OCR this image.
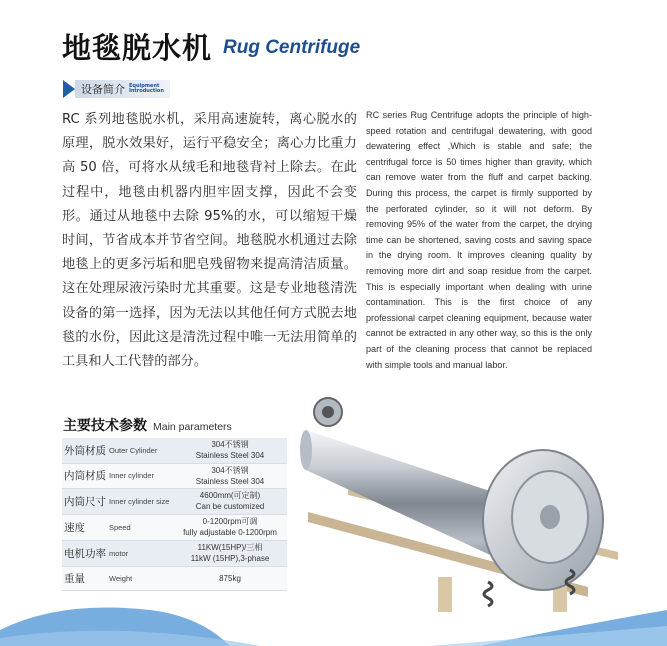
地毯脱水机 Rug Centrifuge
设备简介 Equipment
Introduction
RC 系列地毯脱水机，采用高速旋转，离心脱水的原理，脱水效果好，运行平稳安全；离心力比重力高 50 倍，可将水从绒毛和地毯背衬上除去。在此过程中，地毯由机器内胆牢固支撑，因此不会变形。通过从地毯中去除 95%的水，可以缩短干燥时间，节省成本并节省空间。地毯脱水机通过去除地毯上的更多污垢和肥皂残留物来提高清洁质量。这在处理尿液污染时尤其重要。这是专业地毯清洗设备的第一选择，因为无法以其他任何方式脱去地毯的水份，因此这是清洗过程中唯一无法用简单的工具和人工代替的部分。
RC series Rug Centrifuge adopts the principle of high-speed rotation and centrifugal dewatering, with good dewatering effect ,Which is stable and safe; the centrifugal force is 50 times higher than gravity, which can remove water from the fluff and carpet backing. During this process, the carpet is firmly supported by the perforated cylinder, so it will not deform. By removing 95% of the water from the carpet, the drying time can be shortened, saving costs and saving space in the drying room. It improves cleaning quality by removing more dirt and soap residue from the carpet. This is especially important when dealing with urine contamination. This is the first choice of any professional carpet cleaning equipment, because water cannot be extracted in any other way, so this is the only part of the cleaning process that cannot be replaced with simple tools and manual labor.
主要技术参数 Main parameters
外筒材质	Outer Cylinder	304不锈钢
Stainless Steel 304

内筒材质	Inner cylinder	304不锈钢
Stainless Steel 304

内筒尺寸	Inner cylinder size	4600mm(可定制)
Can be customized

速度	Speed	0-1200rpm可调
fully adjustable 0-1200rpm

电机功率	motor	11KW(15HP)/三相
11kW (15HP),3-phase

重量	Weight	875kg
